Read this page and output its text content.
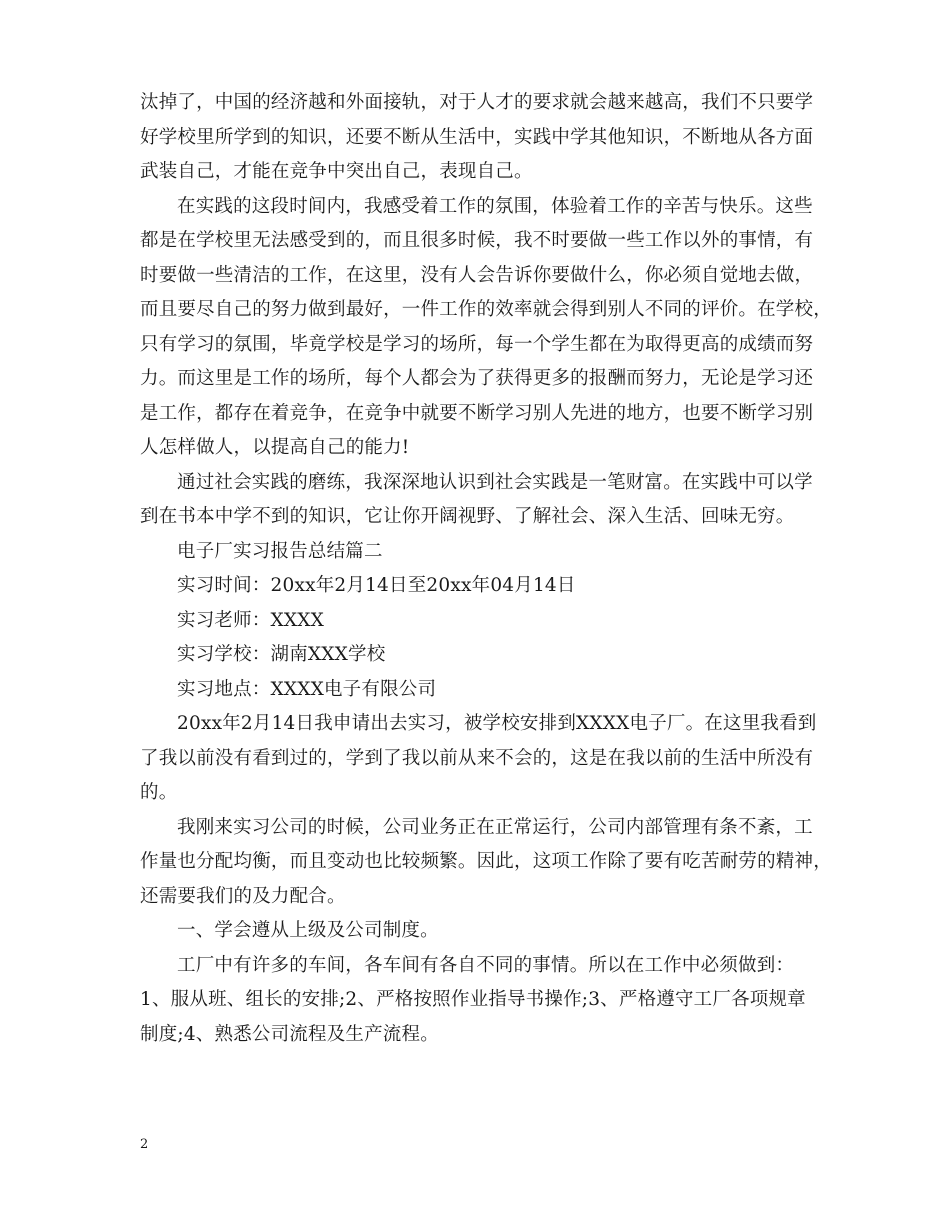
汰掉了，中国的经济越和外面接轨，对于人才的要求就会越来越高，我们不只要学
好学校里所学到的知识，还要不断从生活中，实践中学其他知识，不断地从各方面
武装自己，才能在竞争中突出自己，表现自己。
在实践的这段时间内，我感受着工作的氛围，体验着工作的辛苦与快乐。这些
都是在学校里无法感受到的，而且很多时候，我不时要做一些工作以外的事情，有
时要做一些清洁的工作，在这里，没有人会告诉你要做什么，你必须自觉地去做，
而且要尽自己的努力做到最好，一件工作的效率就会得到别人不同的评价。在学校，
只有学习的氛围，毕竟学校是学习的场所，每一个学生都在为取得更高的成绩而努
力。而这里是工作的场所，每个人都会为了获得更多的报酬而努力，无论是学习还
是工作，都存在着竞争，在竞争中就要不断学习别人先进的地方，也要不断学习别
人怎样做人，以提高自己的能力!
通过社会实践的磨练，我深深地认识到社会实践是一笔财富。在实践中可以学
到在书本中学不到的知识，它让你开阔视野、了解社会、深入生活、回味无穷。
电子厂实习报告总结篇二
实习时间：20xx年2月14日至20xx年04月14日
实习老师：XXXX
实习学校：湖南XXX学校
实习地点：XXXX电子有限公司
20xx年2月14日我申请出去实习，被学校安排到XXXX电子厂。在这里我看到
了我以前没有看到过的，学到了我以前从来不会的，这是在我以前的生活中所没有
的。
我刚来实习公司的时候，公司业务正在正常运行，公司内部管理有条不紊，工
作量也分配均衡，而且变动也比较频繁。因此，这项工作除了要有吃苦耐劳的精神，
还需要我们的及力配合。
一、学会遵从上级及公司制度。
工厂中有许多的车间，各车间有各自不同的事情。所以在工作中必须做到：
1、服从班、组长的安排;2、严格按照作业指导书操作;3、严格遵守工厂各项规章
制度;4、熟悉公司流程及生产流程。
2
